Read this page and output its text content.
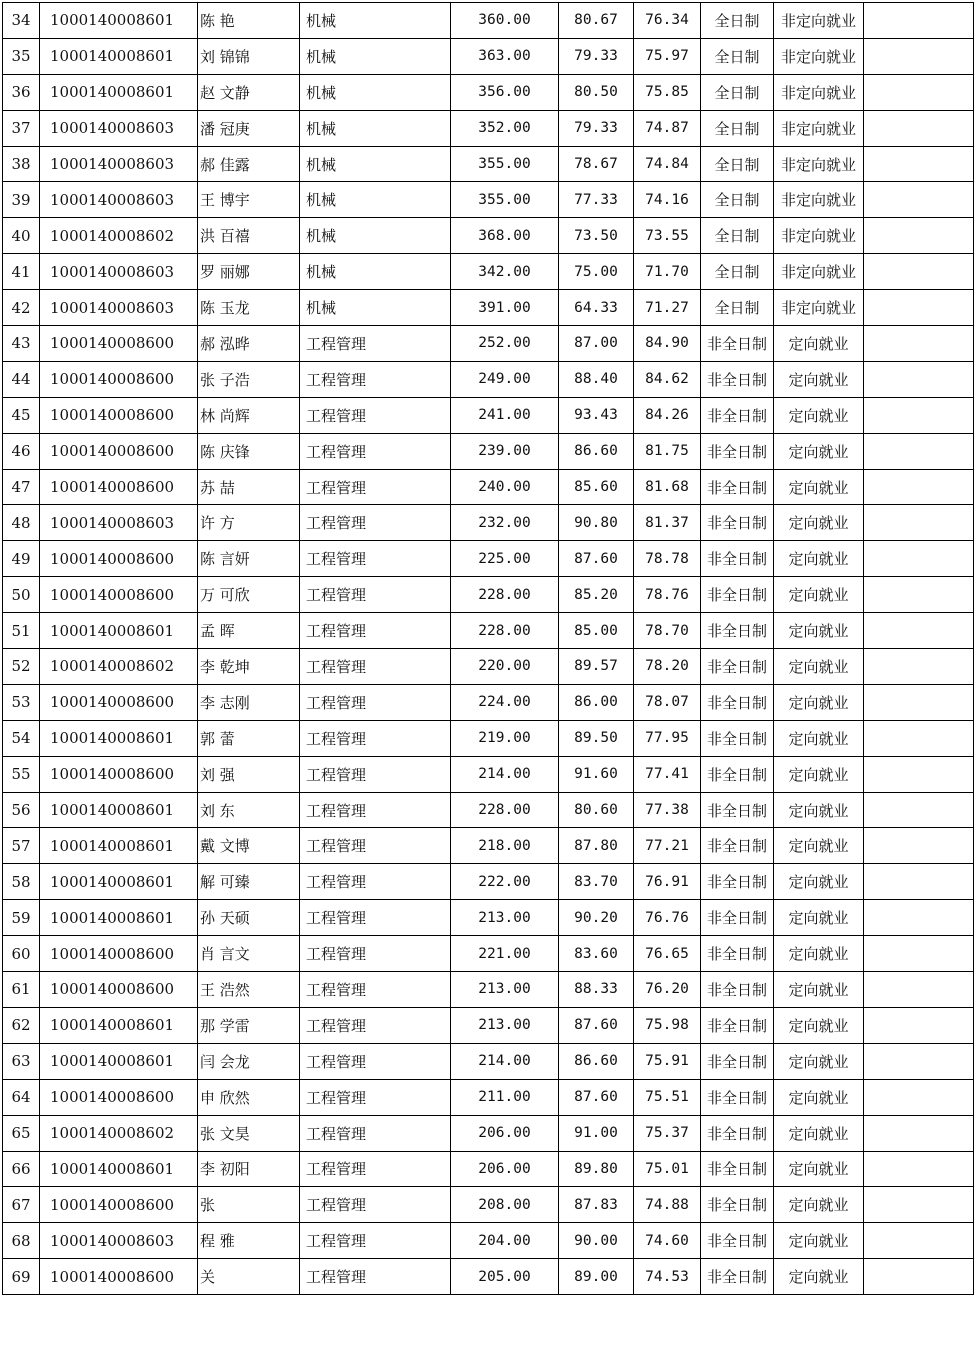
34	1000140008601	陈 艳	机械	360.00	80.67	76.34	全日制	非定向就业	
35	1000140008601	刘 锦锦	机械	363.00	79.33	75.97	全日制	非定向就业	
36	1000140008601	赵 文静	机械	356.00	80.50	75.85	全日制	非定向就业	
37	1000140008603	潘 冠庚	机械	352.00	79.33	74.87	全日制	非定向就业	
38	1000140008603	郝 佳露	机械	355.00	78.67	74.84	全日制	非定向就业	
39	1000140008603	王 博宇	机械	355.00	77.33	74.16	全日制	非定向就业	
40	1000140008602	洪 百禧	机械	368.00	73.50	73.55	全日制	非定向就业	
41	1000140008603	罗 丽娜	机械	342.00	75.00	71.70	全日制	非定向就业	
42	1000140008603	陈 玉龙	机械	391.00	64.33	71.27	全日制	非定向就业	
43	1000140008600	郝 泓晔	工程管理	252.00	87.00	84.90	非全日制	定向就业	
44	1000140008600	张 子浩	工程管理	249.00	88.40	84.62	非全日制	定向就业	
45	1000140008600	林 尚辉	工程管理	241.00	93.43	84.26	非全日制	定向就业	
46	1000140008600	陈 庆锋	工程管理	239.00	86.60	81.75	非全日制	定向就业	
47	1000140008600	苏 喆	工程管理	240.00	85.60	81.68	非全日制	定向就业	
48	1000140008603	许 方	工程管理	232.00	90.80	81.37	非全日制	定向就业	
49	1000140008600	陈 言妍	工程管理	225.00	87.60	78.78	非全日制	定向就业	
50	1000140008600	万 可欣	工程管理	228.00	85.20	78.76	非全日制	定向就业	
51	1000140008601	孟 晖	工程管理	228.00	85.00	78.70	非全日制	定向就业	
52	1000140008602	李 乾坤	工程管理	220.00	89.57	78.20	非全日制	定向就业	
53	1000140008600	李 志刚	工程管理	224.00	86.00	78.07	非全日制	定向就业	
54	1000140008601	郭 蕾	工程管理	219.00	89.50	77.95	非全日制	定向就业	
55	1000140008600	刘 强	工程管理	214.00	91.60	77.41	非全日制	定向就业	
56	1000140008601	刘 东	工程管理	228.00	80.60	77.38	非全日制	定向就业	
57	1000140008601	戴 文博	工程管理	218.00	87.80	77.21	非全日制	定向就业	
58	1000140008601	解 可臻	工程管理	222.00	83.70	76.91	非全日制	定向就业	
59	1000140008601	孙 天硕	工程管理	213.00	90.20	76.76	非全日制	定向就业	
60	1000140008600	肖 言文	工程管理	221.00	83.60	76.65	非全日制	定向就业	
61	1000140008600	王 浩然	工程管理	213.00	88.33	76.20	非全日制	定向就业	
62	1000140008601	那 学雷	工程管理	213.00	87.60	75.98	非全日制	定向就业	
63	1000140008601	闫 会龙	工程管理	214.00	86.60	75.91	非全日制	定向就业	
64	1000140008600	申 欣然	工程管理	211.00	87.60	75.51	非全日制	定向就业	
65	1000140008602	张 文昊	工程管理	206.00	91.00	75.37	非全日制	定向就业	
66	1000140008601	李 初阳	工程管理	206.00	89.80	75.01	非全日制	定向就业	
67	1000140008600	张	工程管理	208.00	87.83	74.88	非全日制	定向就业	
68	1000140008603	程 雅	工程管理	204.00	90.00	74.60	非全日制	定向就业	
69	1000140008600	关	工程管理	205.00	89.00	74.53	非全日制	定向就业	
